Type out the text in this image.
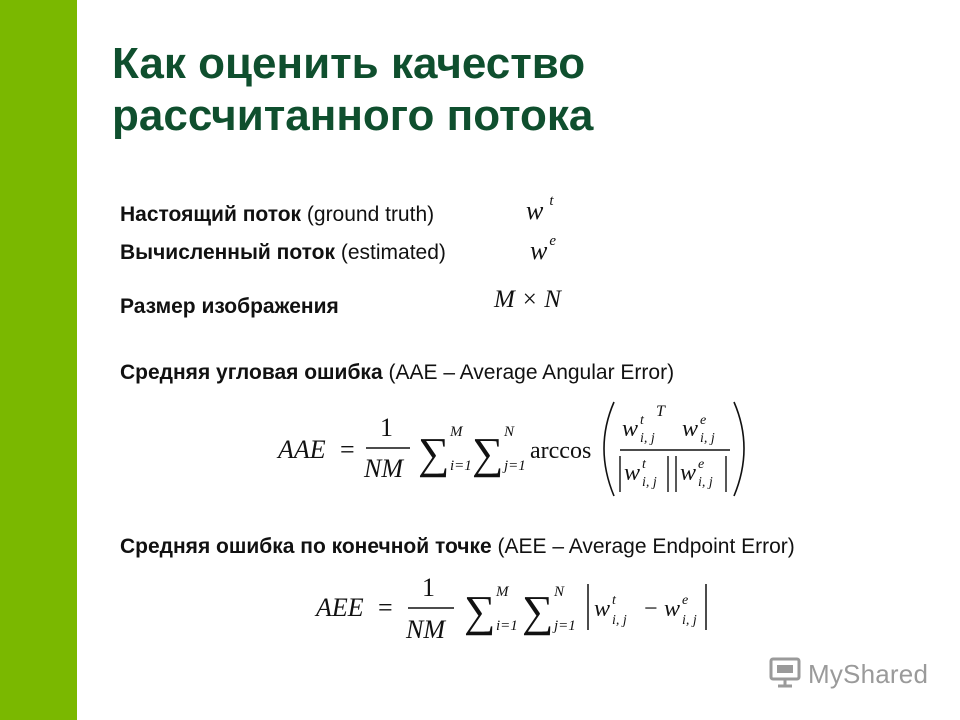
Как оценить качество
рассчитанного потока
Настоящий поток (ground truth)	w $^t$
Вычисленный поток (estimated)	w $^e$
Размер изображения	M × N
Средняя угловая ошибка (AAE – Average Angular Error)
AAE =
1
NM ∑ M
i=1 ∑ N
j=1
arccos
w t
i, j
T
w e
i, j
w t
i, j w e
i, j
Средняя ошибка по конечной точке (AEE – Average Endpoint Error)
AEE =
1
NM ∑ M
i=1 ∑ N
j=1
w t
i, j − w e
i, j
MyShared
